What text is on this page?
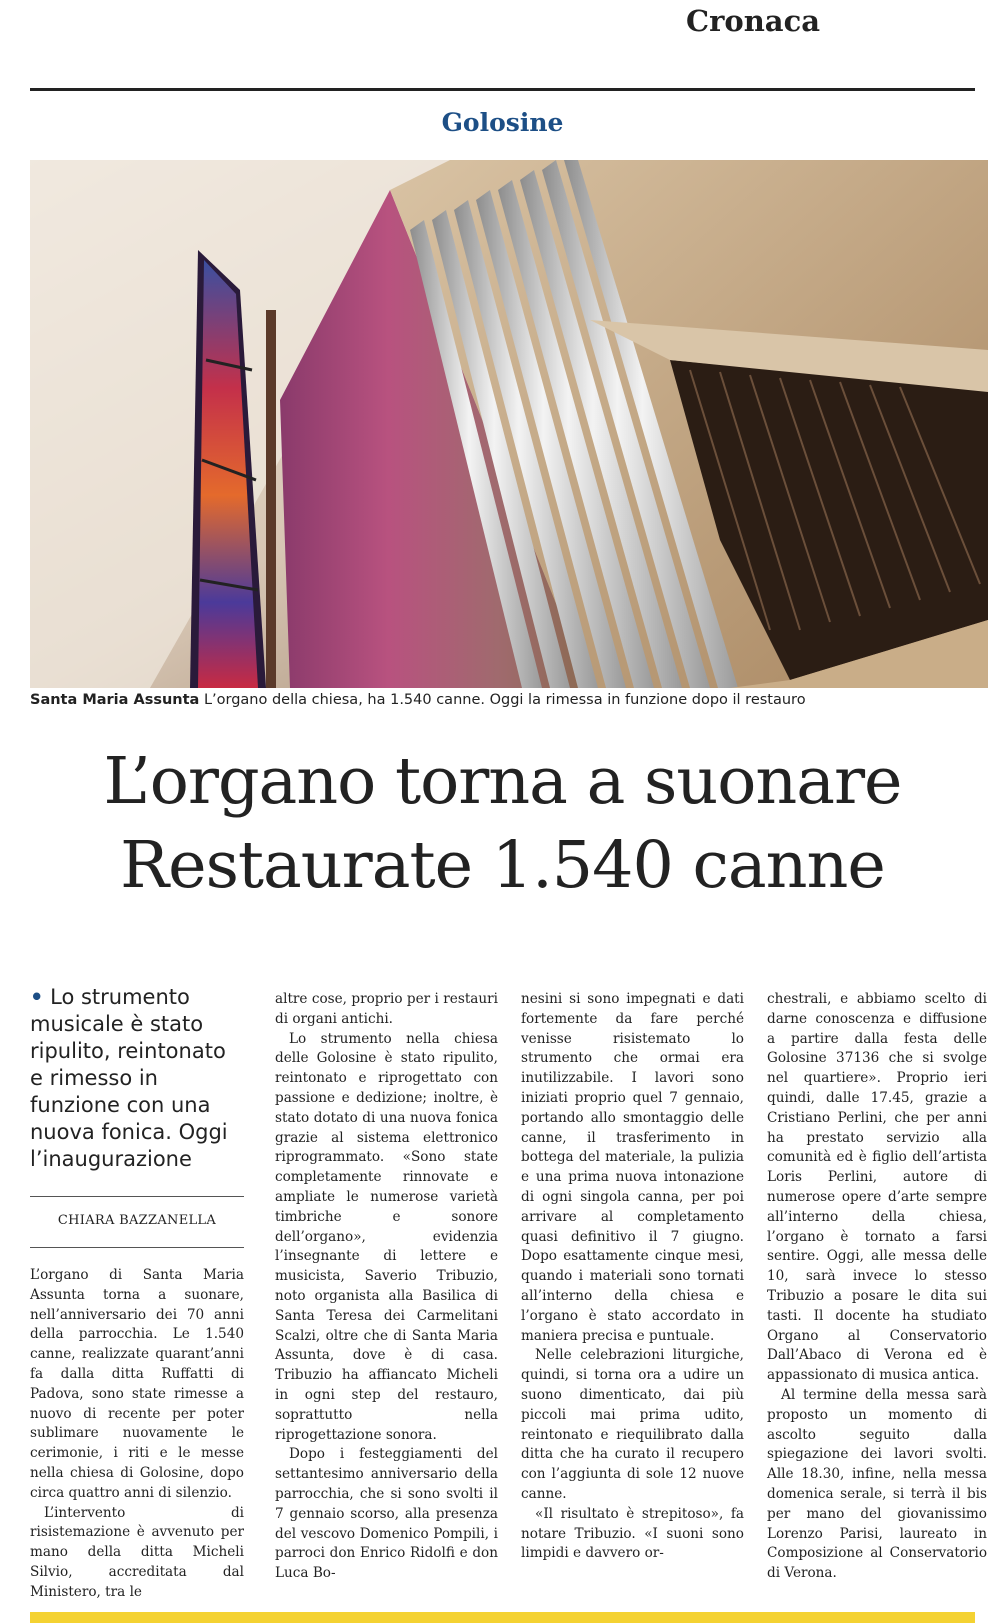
Cronaca
Golosine
Santa Maria Assunta L’organo della chiesa, ha 1.540 canne. Oggi la rimessa in funzione dopo il restauro
L’organo torna a suonare
Restaurate 1.540 canne
• Lo strumento musicale è stato ripulito, reintonato e rimesso in funzione con una nuova fonica. Oggi l’inaugurazione
CHIARA BAZZANELLA

L’organo di Santa Maria Assunta torna a suonare, nell’anniversario dei 70 anni della parrocchia. Le 1.540 canne, realizzate quarant’anni fa dalla ditta Ruffatti di Padova, sono state rimesse a nuovo di recente per poter sublimare nuovamente le cerimonie, i riti e le messe nella chiesa di Golosine, dopo circa quattro anni di silenzio.

L’intervento di risistemazione è avvenuto per mano della ditta Micheli Silvio, accreditata dal Ministero, tra le

altre cose, proprio per i restauri di organi antichi.

Lo strumento nella chiesa delle Golosine è stato ripulito, reintonato e riprogettato con passione e dedizione; inoltre, è stato dotato di una nuova fonica grazie al sistema elettronico riprogrammato. «Sono state completamente rinnovate e ampliate le numerose varietà timbriche e sonore dell’organo», evidenzia l’insegnante di lettere e musicista, Saverio Tribuzio, noto organista alla Basilica di Santa Teresa dei Carmelitani Scalzi, oltre che di Santa Maria Assunta, dove è di casa. Tribuzio ha affiancato Micheli in ogni step del restauro, soprattutto nella riprogettazione sonora.

Dopo i festeggiamenti del settantesimo anniversario della parrocchia, che si sono svolti il 7 gennaio scorso, alla presenza del vescovo Domenico Pompili, i parroci don Enrico Ridolfi e don Luca Bo-

nesini si sono impegnati e dati fortemente da fare perché venisse risistemato lo strumento che ormai era inutilizzabile. I lavori sono iniziati proprio quel 7 gennaio, portando allo smontaggio delle canne, il trasferimento in bottega del materiale, la pulizia e una prima nuova intonazione di ogni singola canna, per poi arrivare al completamento quasi definitivo il 7 giugno. Dopo esattamente cinque mesi, quando i materiali sono tornati all’interno della chiesa e l’organo è stato accordato in maniera precisa e puntuale.

Nelle celebrazioni liturgiche, quindi, si torna ora a udire un suono dimenticato, dai più piccoli mai prima udito, reintonato e riequilibrato dalla ditta che ha curato il recupero con l’aggiunta di sole 12 nuove canne.

«Il risultato è strepitoso», fa notare Tribuzio. «I suoni sono limpidi e davvero or-

chestrali, e abbiamo scelto di darne conoscenza e diffusione a partire dalla festa delle Golosine 37136 che si svolge nel quartiere». Proprio ieri quindi, dalle 17.45, grazie a Cristiano Perlini, che per anni ha prestato servizio alla comunità ed è figlio dell’artista Loris Perlini, autore di numerose opere d’arte sempre all’interno della chiesa, l’organo è tornato a farsi sentire. Oggi, alle messa delle 10, sarà invece lo stesso Tribuzio a posare le dita sui tasti. Il docente ha studiato Organo al Conservatorio Dall’Abaco di Verona ed è appassionato di musica antica.

Al termine della messa sarà proposto un momento di ascolto seguito dalla spiegazione dei lavori svolti. Alle 18.30, infine, nella messa domenica serale, si terrà il bis per mano del giovanissimo Lorenzo Parisi, laureato in Composizione al Conservatorio di Verona.
